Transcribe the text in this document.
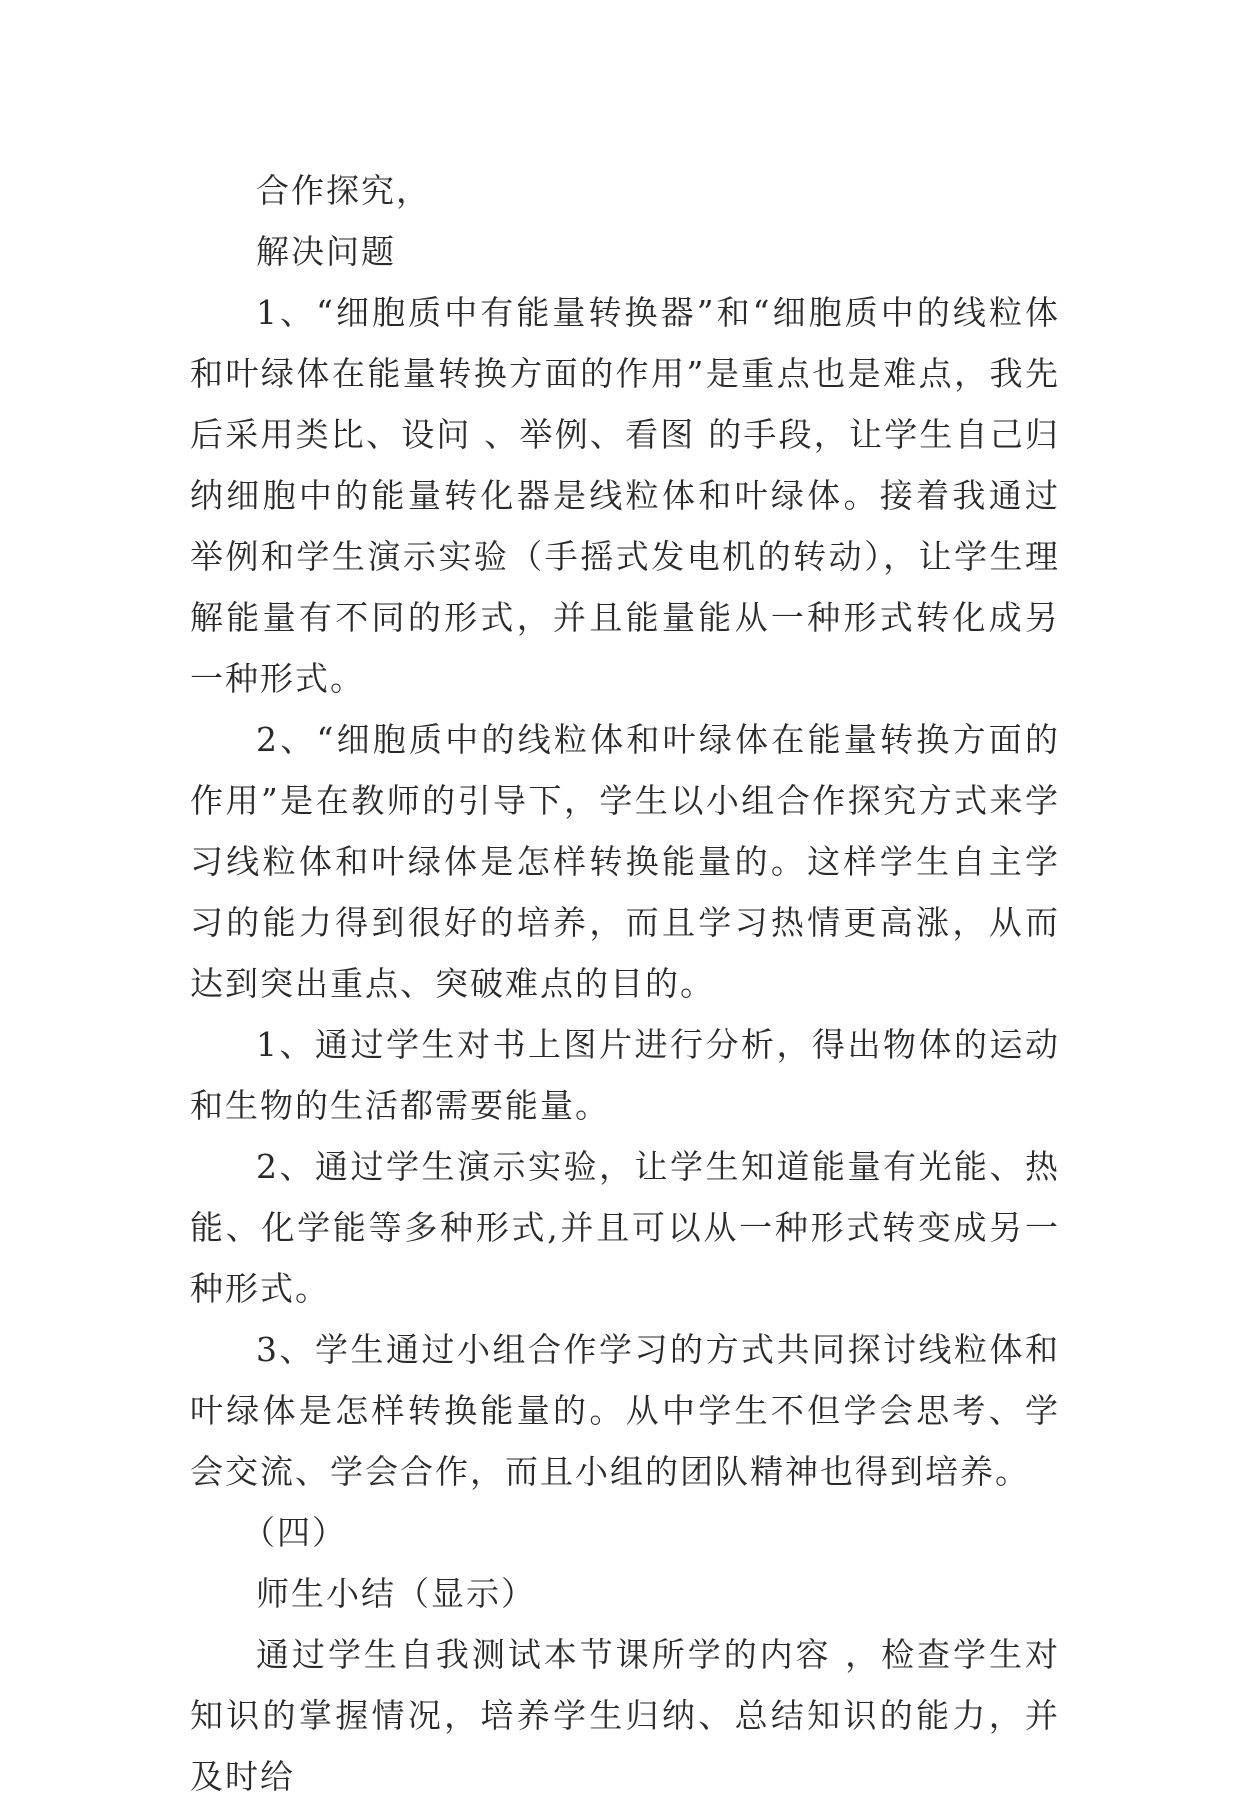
合作探究，

解决问题

1、“细胞质中有能量转换器”和“细胞质中的线粒体和叶绿体在能量转换方面的作用”是重点也是难点，我先后采用类比、设问 、举例、看图 的手段，让学生自己归纳细胞中的能量转化器是线粒体和叶绿体。接着我通过举例和学生演示实验（手摇式发电机的转动），让学生理解能量有不同的形式，并且能量能从一种形式转化成另一种形式。

2、“细胞质中的线粒体和叶绿体在能量转换方面的作用”是在教师的引导下，学生以小组合作探究方式来学习线粒体和叶绿体是怎样转换能量的。这样学生自主学习的能力得到很好的培养，而且学习热情更高涨，从而达到突出重点、突破难点的目的。

1、通过学生对书上图片进行分析，得出物体的运动和生物的生活都需要能量。

2、通过学生演示实验，让学生知道能量有光能、热能、化学能等多种形式,并且可以从一种形式转变成另一种形式。

3、学生通过小组合作学习的方式共同探讨线粒体和叶绿体是怎样转换能量的。从中学生不但学会思考、学会交流、学会合作，而且小组的团队精神也得到培养。

（四）

师生小结（显示）

通过学生自我测试本节课所学的内容 ，检查学生对知识的掌握情况，培养学生归纳、总结知识的能力，并及时给
